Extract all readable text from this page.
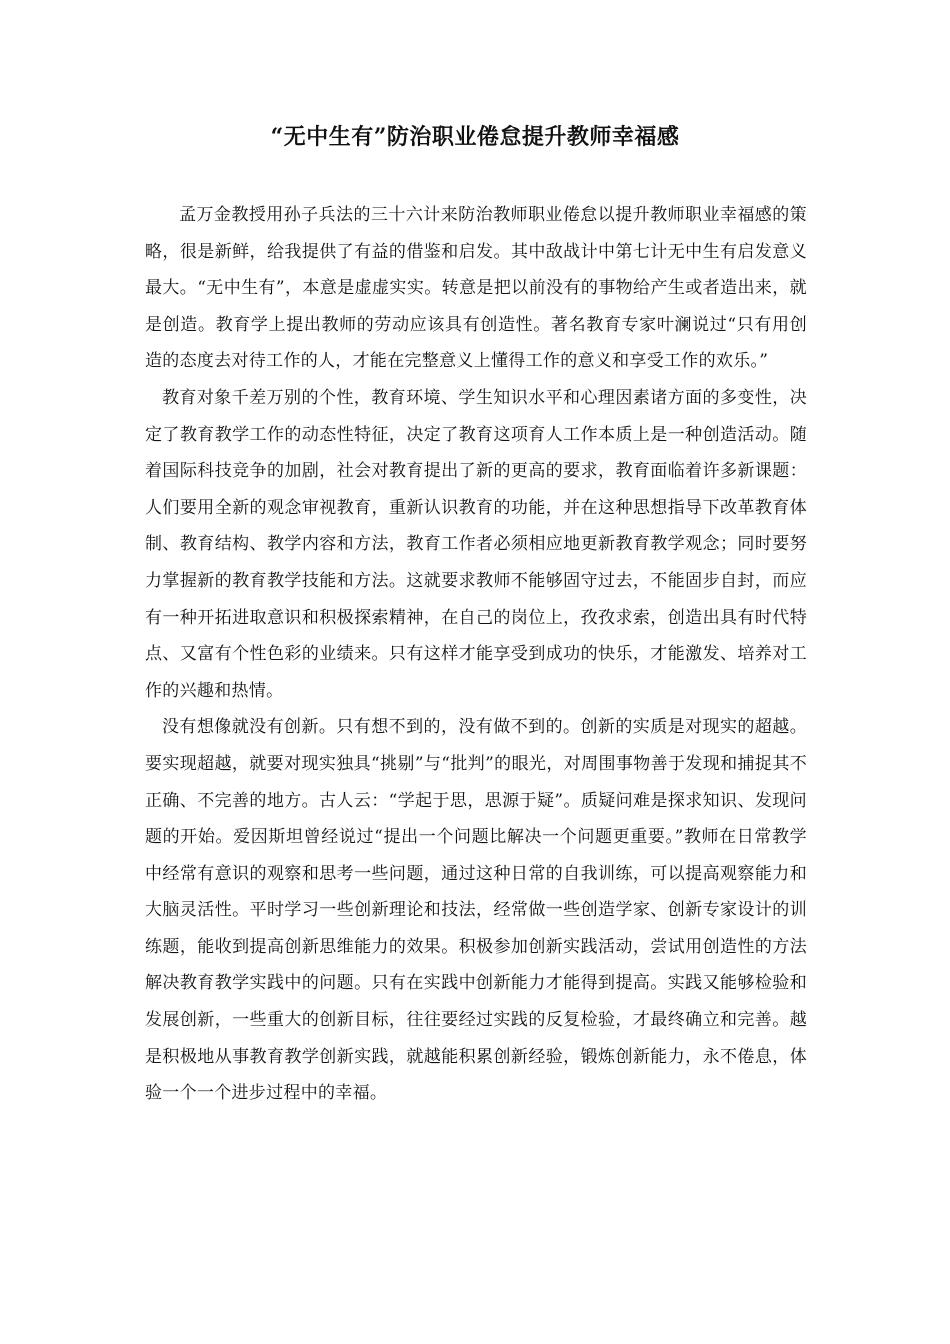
“无中生有”防治职业倦怠提升教师幸福感

孟万金教授用孙子兵法的三十六计来防治教师职业倦怠以提升教师职业幸福感的策略，很是新鲜，给我提供了有益的借鉴和启发。其中敌战计中第七计无中生有启发意义最大。“无中生有”，本意是虚虚实实。转意是把以前没有的事物给产生或者造出来，就是创造。教育学上提出教师的劳动应该具有创造性。著名教育专家叶澜说过“只有用创造的态度去对待工作的人，才能在完整意义上懂得工作的意义和享受工作的欢乐。”

教育对象千差万别的个性，教育环境、学生知识水平和心理因素诸方面的多变性，决定了教育教学工作的动态性特征，决定了教育这项育人工作本质上是一种创造活动。随着国际科技竞争的加剧，社会对教育提出了新的更高的要求，教育面临着许多新课题：人们要用全新的观念审视教育，重新认识教育的功能，并在这种思想指导下改革教育体制、教育结构、教学内容和方法，教育工作者必须相应地更新教育教学观念；同时要努力掌握新的教育教学技能和方法。这就要求教师不能够固守过去，不能固步自封，而应有一种开拓进取意识和积极探索精神，在自己的岗位上，孜孜求索，创造出具有时代特点、又富有个性色彩的业绩来。只有这样才能享受到成功的快乐，才能激发、培养对工作的兴趣和热情。

没有想像就没有创新。只有想不到的，没有做不到的。创新的实质是对现实的超越。要实现超越，就要对现实独具“挑剔”与“批判”的眼光，对周围事物善于发现和捕捉其不正确、不完善的地方。古人云：“学起于思，思源于疑”。质疑问难是探求知识、发现问题的开始。爱因斯坦曾经说过“提出一个问题比解决一个问题更重要。”教师在日常教学中经常有意识的观察和思考一些问题，通过这种日常的自我训练，可以提高观察能力和大脑灵活性。平时学习一些创新理论和技法，经常做一些创造学家、创新专家设计的训练题，能收到提高创新思维能力的效果。积极参加创新实践活动，尝试用创造性的方法解决教育教学实践中的问题。只有在实践中创新能力才能得到提高。实践又能够检验和发展创新，一些重大的创新目标，往往要经过实践的反复检验，才最终确立和完善。越是积极地从事教育教学创新实践，就越能积累创新经验，锻炼创新能力，永不倦息，体验一个一个进步过程中的幸福。
